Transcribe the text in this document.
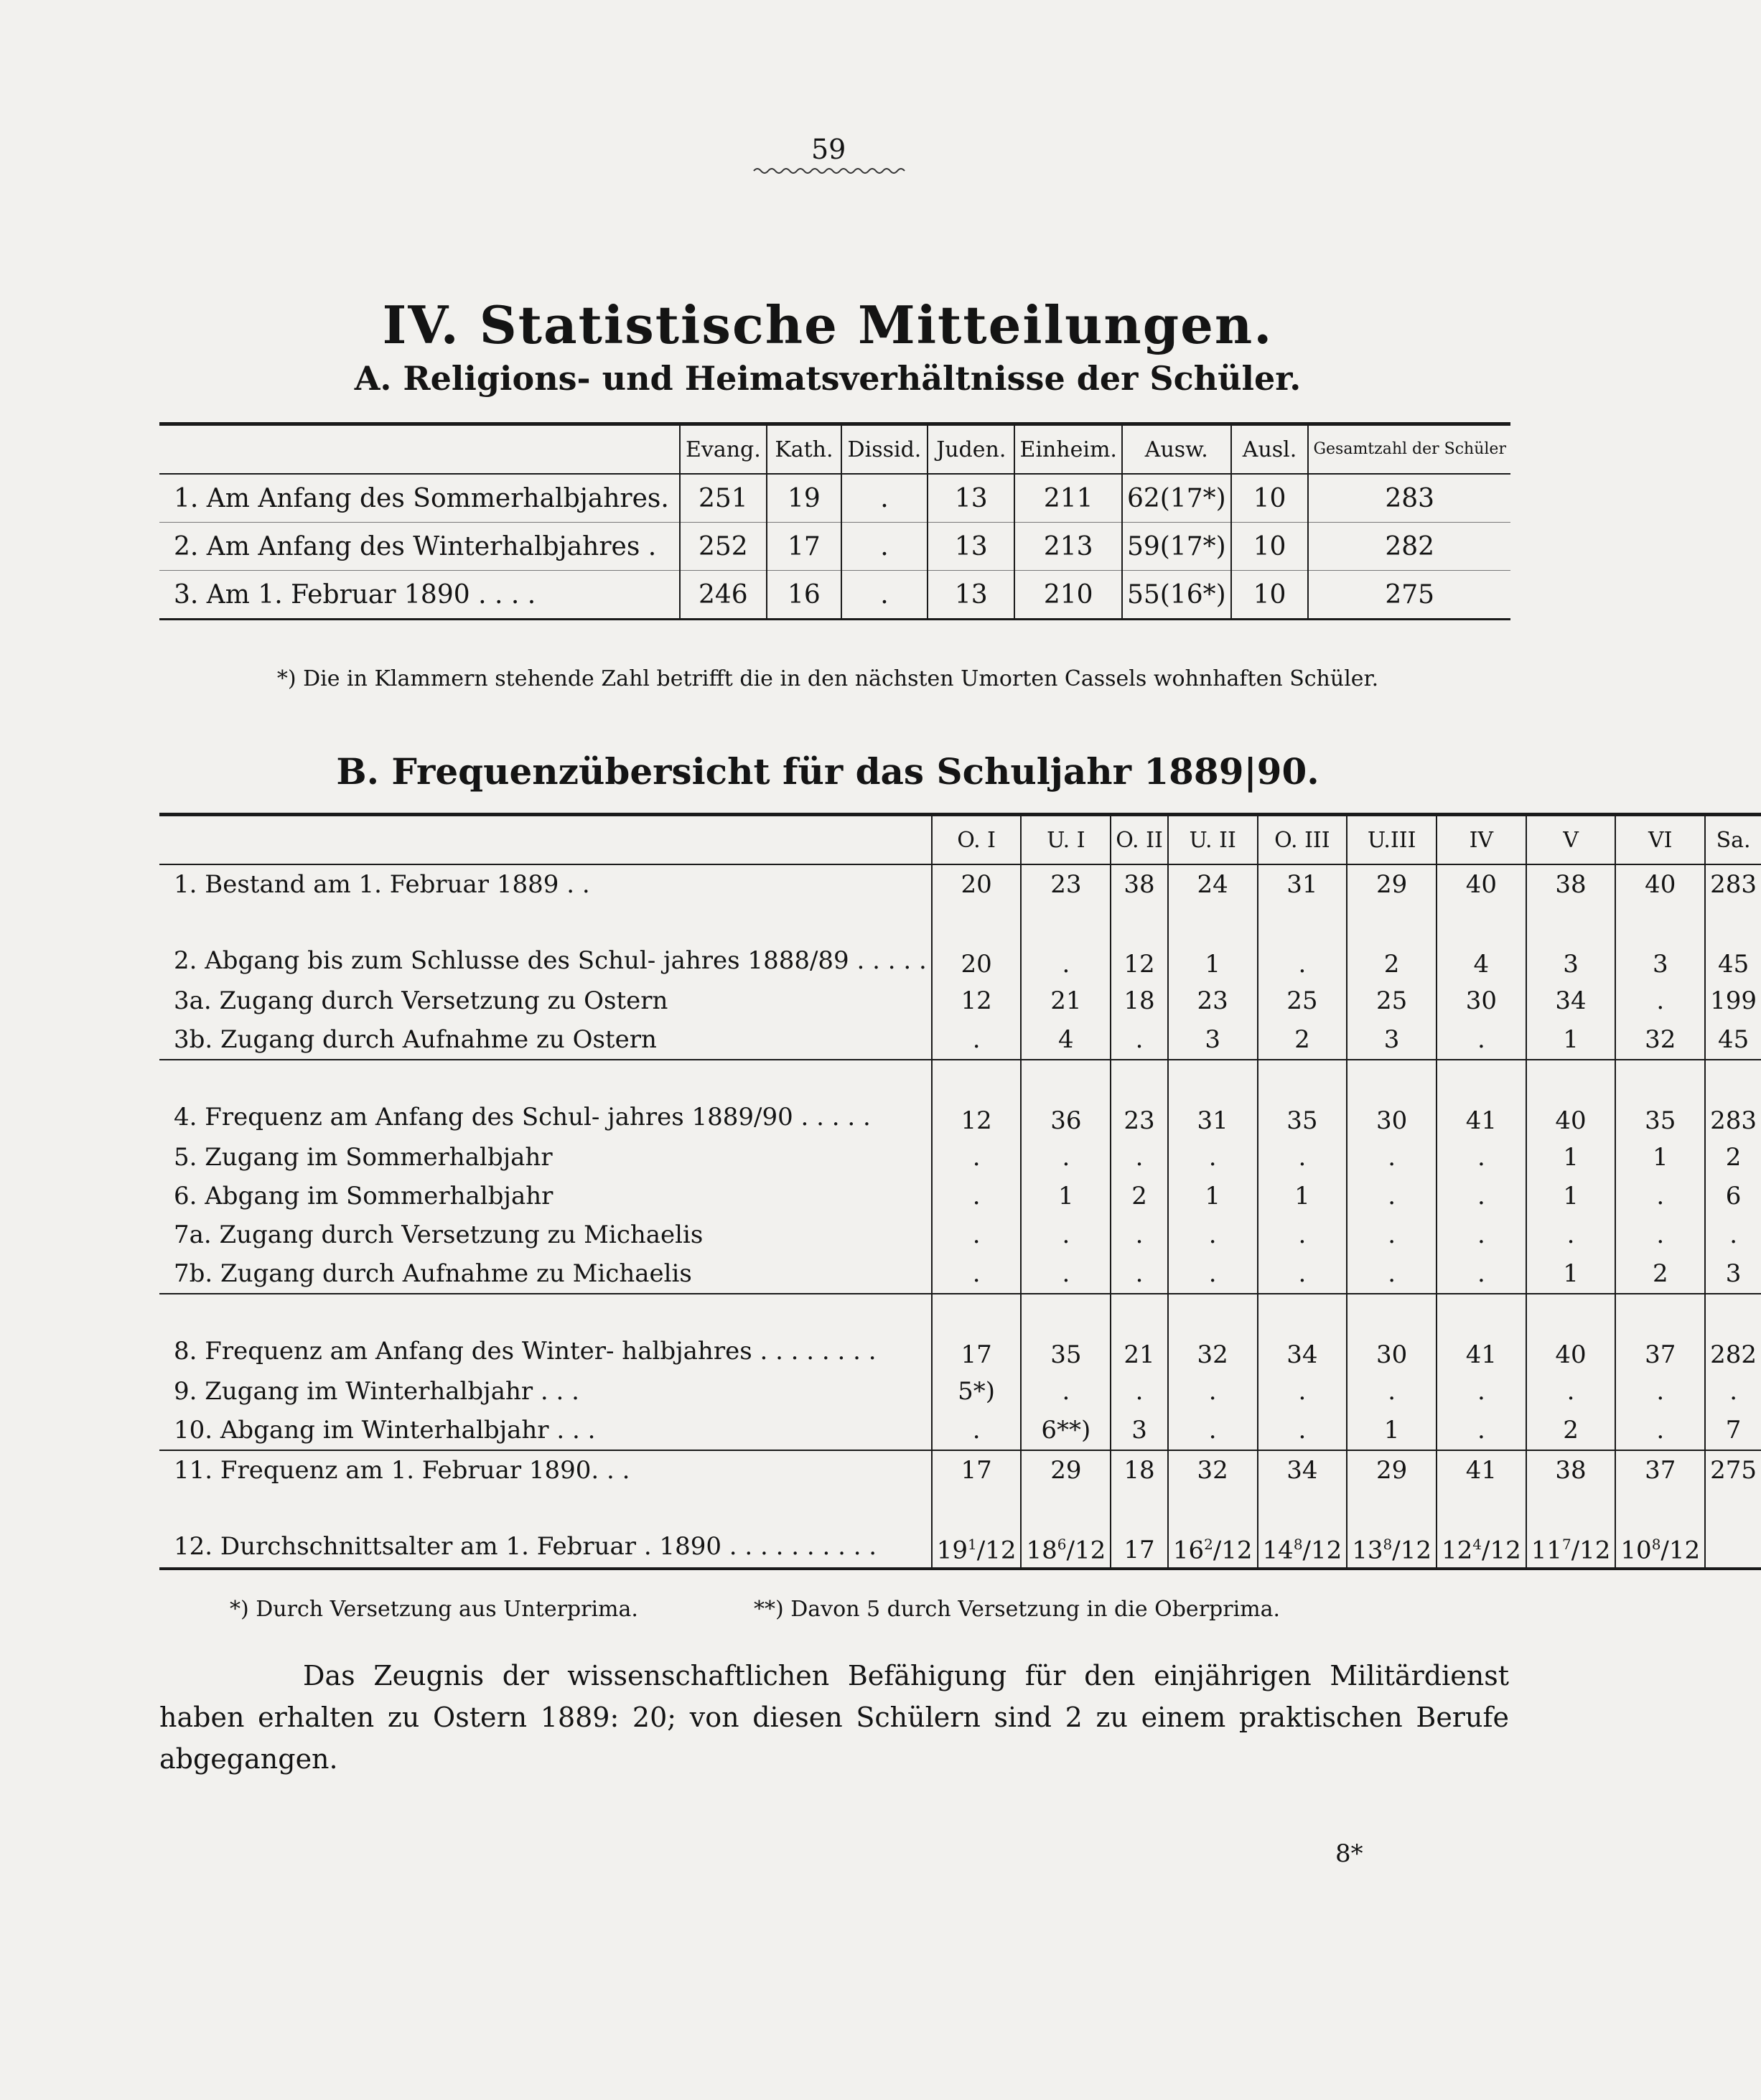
59
IV. Statistische Mitteilungen.
A. Religions- und Heimatsverhältnisse der Schüler.
	Evang.	Kath.	Dissid.	Juden.	Einheim.	Ausw.	Ausl.	Gesamtzahl der Schüler
1. Am Anfang des Sommerhalbjahres.	251	19	.	13	211	62(17*)	10	283
2. Am Anfang des Winterhalbjahres .	252	17	.	13	213	59(17*)	10	282
3. Am 1. Februar 1890 . . . .	246	16	.	13	210	55(16*)	10	275
*) Die in Klammern stehende Zahl betrifft die in den nächsten Umorten Cassels wohnhaften Schüler.
B. Frequenzübersicht für das Schuljahr 1889|90.
	O. I	U. I	O. II	U. II	O. III	U.III	IV	V	VI	Sa.
1. Bestand am 1. Februar 1889 . .	20	23	38	24	31	29	40	38	40	283
2. Abgang bis zum Schlusse des Schul- jahres 1888/89 . . . . .	20	.	12	1	.	2	4	3	3	45
3a. Zugang durch Versetzung zu Ostern	12	21	18	23	25	25	30	34	.	199
3b. Zugang durch Aufnahme zu Ostern	.	4	.	3	2	3	.	1	32	45
4. Frequenz am Anfang des Schul- jahres 1889/90 . . . . .	12	36	23	31	35	30	41	40	35	283
5. Zugang im Sommerhalbjahr	.	.	.	.	.	.	.	1	1	2
6. Abgang im Sommerhalbjahr	.	1	2	1	1	.	.	1	.	6
7a. Zugang durch Versetzung zu Michaelis	.	.	.	.	.	.	.	.	.	.
7b. Zugang durch Aufnahme zu Michaelis	.	.	.	.	.	.	.	1	2	3
8. Frequenz am Anfang des Winter- halbjahres . . . . . . . .	17	35	21	32	34	30	41	40	37	282
9. Zugang im Winterhalbjahr . . .	5*)	.	.	.	.	.	.	.	.	.
10. Abgang im Winterhalbjahr . . .	.	6**)	3	.	.	1	.	2	.	7
11. Frequenz am 1. Februar 1890. . .	17	29	18	32	34	29	41	38	37	275
12. Durchschnittsalter am 1. Februar . 1890 . . . . . . . . . .	$19^1/12$	$18^6/12$	17	$16^2/12$	$14^8/12$	$13^8/12$	$12^4/12$	$11^7/12$	$10^8/12$	
*) Durch Versetzung aus Unterprima.	**) Davon 5 durch Versetzung in die Oberprima.
Das Zeugnis der wissenschaftlichen Befähigung für den einjährigen Militärdienst haben erhalten zu Ostern 1889: 20; von diesen Schülern sind 2 zu einem praktischen Berufe abgegangen.
8*
